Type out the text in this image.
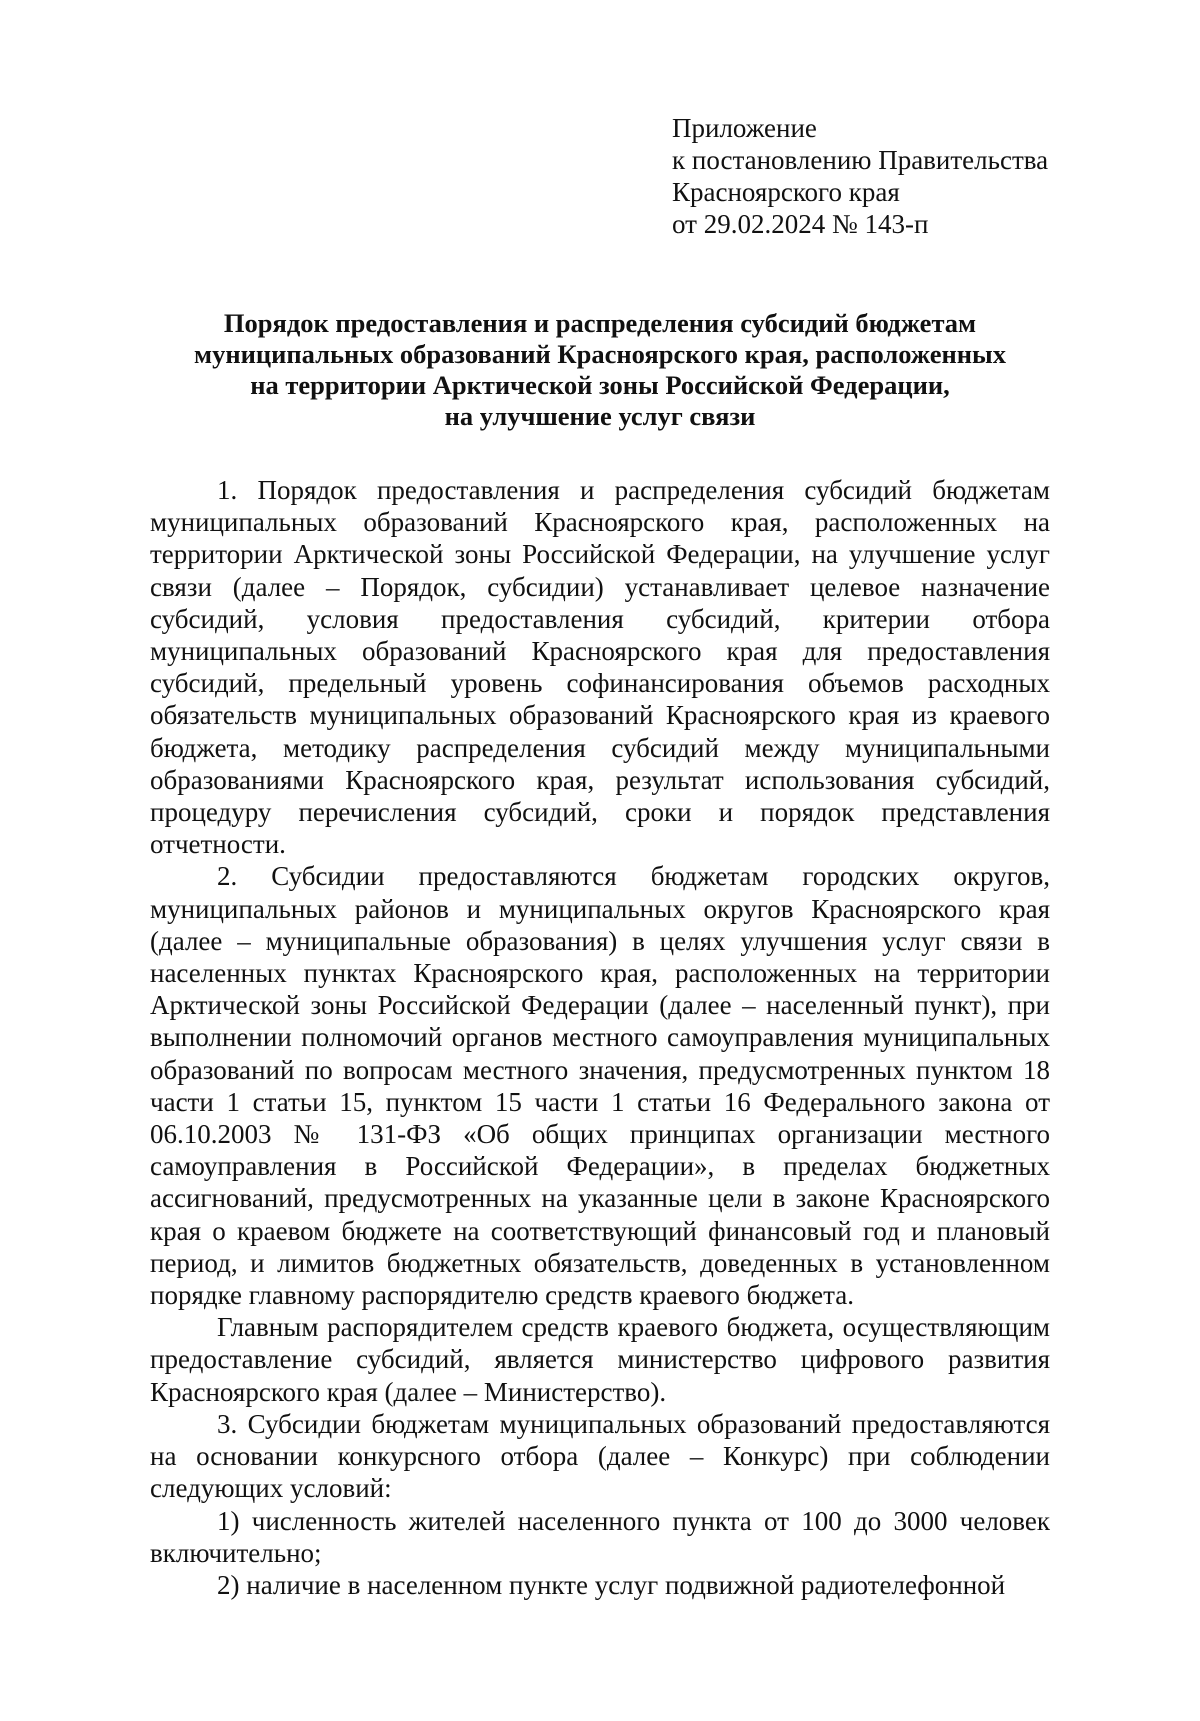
Приложение
к постановлению Правительства
Красноярского края
от 29.02.2024 № 143-п
Порядок предоставления и распределения субсидий бюджетам
муниципальных образований Красноярского края, расположенных
на территории Арктической зоны Российской Федерации,
на улучшение услуг связи

1. Порядок предоставления и распределения субсидий бюджетам муниципальных образований Красноярского края, расположенных на территории Арктической зоны Российской Федерации, на улучшение услуг связи (далее – Порядок, субсидии) устанавливает целевое назначение субсидий, условия предоставления субсидий, критерии отбора муниципальных образований Красноярского края для предоставления субсидий, предельный уровень софинансирования объемов расходных обязательств муниципальных образований Красноярского края из краевого бюджета, методику распределения субсидий между муниципальными образованиями Красноярского края, результат использования субсидий, процедуру перечисления субсидий, сроки и порядок представления отчетности.

2. Субсидии предоставляются бюджетам городских округов, муниципальных районов и муниципальных округов Красноярского края (далее – муниципальные образования) в целях улучшения услуг связи в населенных пунктах Красноярского края, расположенных на территории Арктической зоны Российской Федерации (далее – населенный пункт), при выполнении полномочий органов местного самоуправления муниципальных образований по вопросам местного значения, предусмотренных пунктом 18 части 1 статьи 15, пунктом 15 части 1 статьи 16 Федерального закона от 06.10.2003 № 131-ФЗ «Об общих принципах организации местного самоуправления в Российской Федерации», в пределах бюджетных ассигнований, предусмотренных на указанные цели в законе Красноярского края о краевом бюджете на соответствующий финансовый год и плановый период, и лимитов бюджетных обязательств, доведенных в установленном порядке главному распорядителю средств краевого бюджета.

Главным распорядителем средств краевого бюджета, осуществляющим предоставление субсидий, является министерство цифрового развития Красноярского края (далее – Министерство).

3. Субсидии бюджетам муниципальных образований предоставляются на основании конкурсного отбора (далее – Конкурс) при соблюдении следующих условий:

1) численность жителей населенного пункта от 100 до 3000 человек включительно;

2) наличие в населенном пункте услуг подвижной радиотелефонной
